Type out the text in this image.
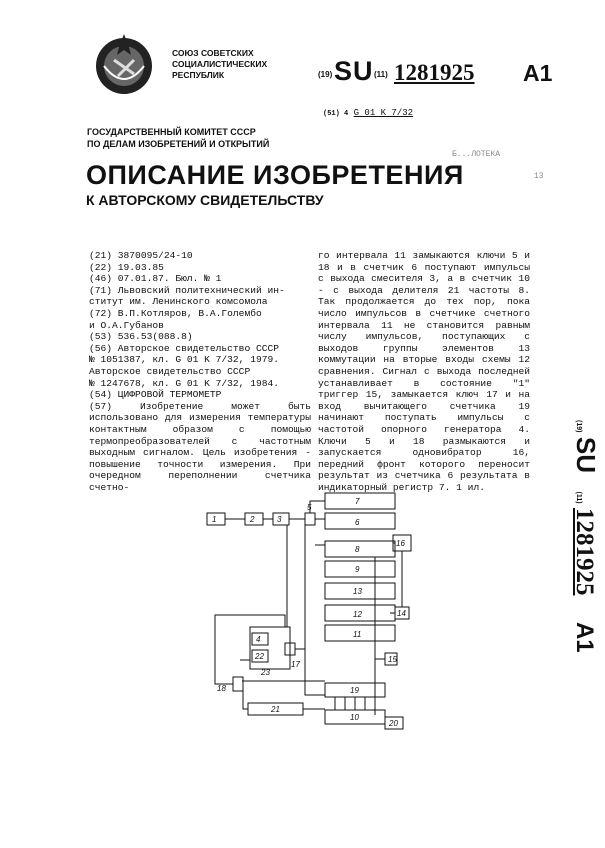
СОЮЗ СОВЕТСКИХ
СОЦИАЛИСТИЧЕСКИХ
РЕСПУБЛИК	(19) SU (11) 1281925 A1
(51) 4 G 01 K 7/32
ГОСУДАРСТВЕННЫЙ КОМИТЕТ СССР
ПО ДЕЛАМ ИЗОБРЕТЕНИЙ И ОТКРЫТИЙ
Б...ЛОТЕКА
13
ОПИСАНИЕ ИЗОБРЕТЕНИЯ
К АВТОРСКОМУ СВИДЕТЕЛЬСТВУ
(21) 3870095/24-10
(22) 19.03.85
(46) 07.01.87. Бюл. № 1
(71) Львовский политехнический ин-
ститут им. Ленинского комсомола
(72) В.П.Котляров, В.А.Голембо
и О.А.Губанов
(53) 536.53(088.8)
(56) Авторское свидетельство СССР
№ 1051387, кл. G 01 K 7/32, 1979.
Авторское свидетельство СССР
№ 1247678, кл. G 01 K 7/32, 1984.
(54) ЦИФРОВОЙ ТЕРМОМЕТР
(57) Изобретение может быть использовано для измерения температуры контактным образом с помощью термопреобразователей с частотным выходным сигналом. Цель изобретения - повышение точности измерения. При очередном переполнении счетчика счетно-
го интервала 11 замыкаются ключи 5 и 18 и в счетчик 6 поступают импульсы с выхода смесителя 3, а в счетчик 10 - с выхода делителя 21 частоты 8. Так продолжается до тех пор, пока число импульсов в счетчике счетного интервала 11 не становится равным числу импульсов, поступающих с выходов группы элементов 13 коммутации на вторые входы схемы 12 сравнения. Сигнал с выхода последней устанавливает в состояние "1" триггер 15, замыкается ключ 17 и на вход вычитающего счетчика 19 начинают поступать импульсы с частотой опорного генератора 4. Ключи 5 и 18 размыкаются и запускается одновибратор 16, передний фронт которого переносит результат из счетчика 6 результата в индикаторный регистр 7. 1 ил.
(19) SU (11) 1281925 A1
1	2	3
4
5
6
7
8
9
10
11
12
13
14
15
16
17
18	19
20
21
22
23
